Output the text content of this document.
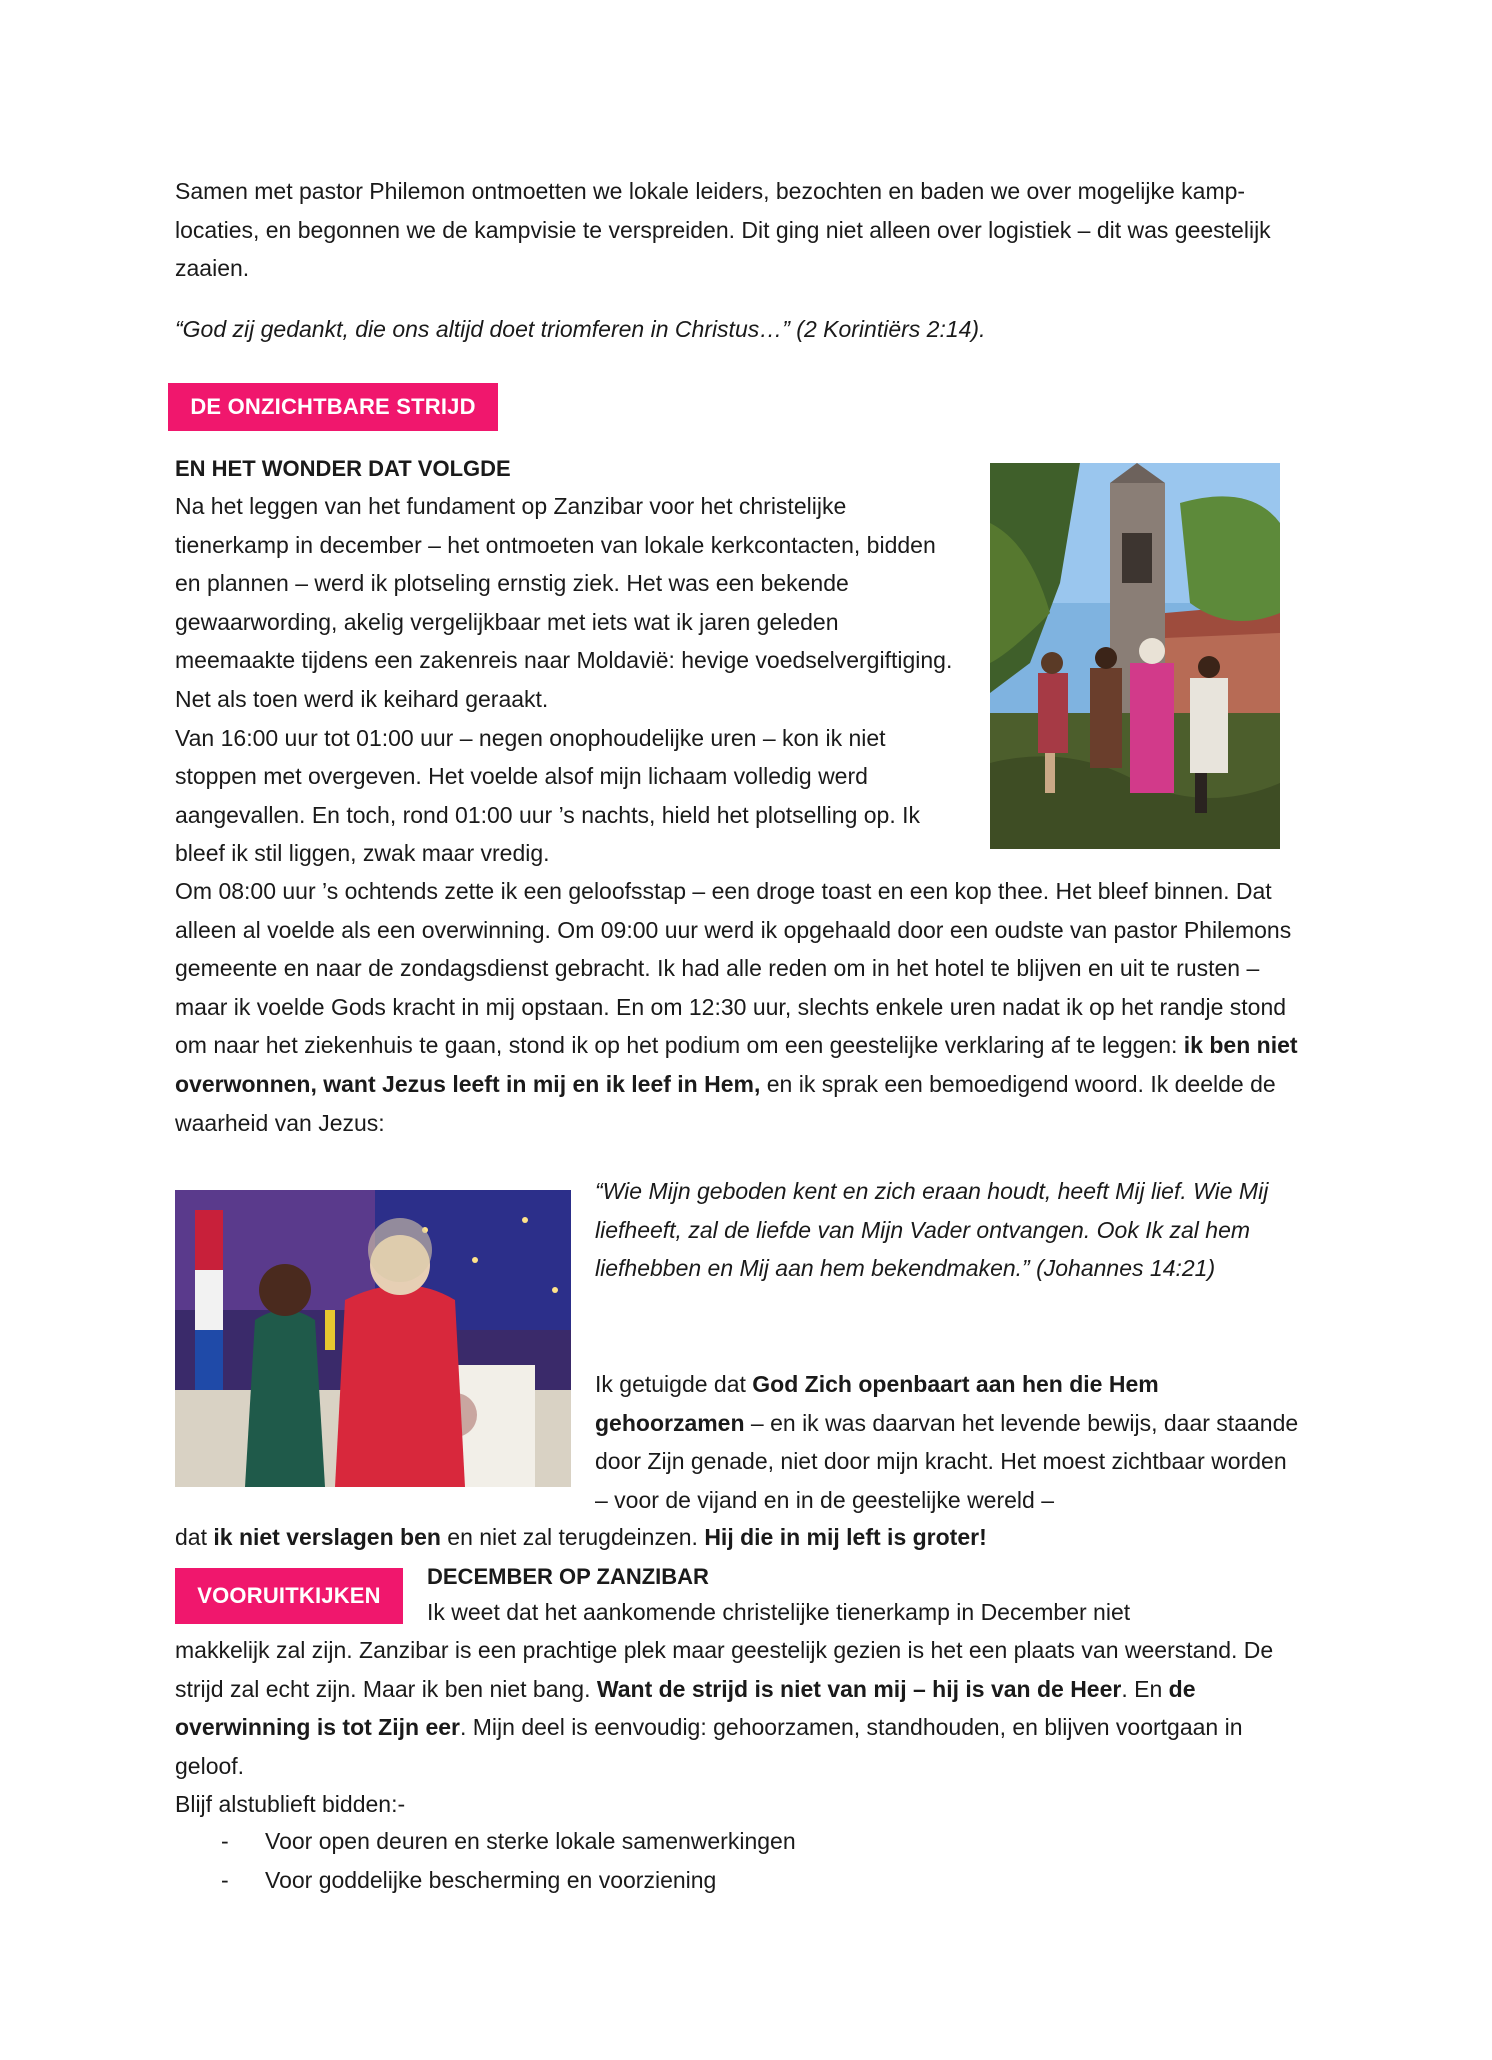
Samen met pastor Philemon ontmoetten we lokale leiders, bezochten en baden we over mogelijke kamp-locaties, en begonnen we de kampvisie te verspreiden. Dit ging niet alleen over logistiek – dit was geestelijk zaaien.

“God zij gedankt, die ons altijd doet triomferen in Christus…” (2 Korintiërs 2:14).

DE ONZICHTBARE STRIJD

EN HET WONDER DAT VOLGDE

Na het leggen van het fundament op Zanzibar voor het christelijke tienerkamp in december – het ontmoeten van lokale kerkcontacten, bidden en plannen – werd ik plotseling ernstig ziek. Het was een bekende gewaarwording, akelig vergelijkbaar met iets wat ik jaren geleden meemaakte tijdens een zakenreis naar Moldavië: hevige voedselvergiftiging. Net als toen werd ik keihard geraakt.
Van 16:00 uur tot 01:00 uur – negen onophoudelijke uren – kon ik niet stoppen met overgeven. Het voelde alsof mijn lichaam volledig werd aangevallen. En toch, rond 01:00 uur ’s nachts, hield het plotselling op. Ik bleef ik stil liggen, zwak maar vredig.

Om 08:00 uur ’s ochtends zette ik een geloofsstap – een droge toast en een kop thee. Het bleef binnen. Dat alleen al voelde als een overwinning. Om 09:00 uur werd ik opgehaald door een oudste van pastor Philemons gemeente en naar de zondagsdienst gebracht. Ik had alle reden om in het hotel te blijven en uit te rusten – maar ik voelde Gods kracht in mij opstaan. En om 12:30 uur, slechts enkele uren nadat ik op het randje stond om naar het ziekenhuis te gaan, stond ik op het podium om een geestelijke verklaring af te leggen: ik ben niet overwonnen, want Jezus leeft in mij en ik leef in Hem, en ik sprak een bemoedigend woord. Ik deelde de waarheid van Jezus:

“Wie Mijn geboden kent en zich eraan houdt, heeft Mij lief. Wie Mij liefheeft, zal de liefde van Mijn Vader ontvangen. Ook Ik zal hem liefhebben en Mij aan hem bekendmaken.” (Johannes 14:21)

Ik getuigde dat God Zich openbaart aan hen die Hem gehoorzamen – en ik was daarvan het levende bewijs, daar staande door Zijn genade, niet door mijn kracht. Het moest zichtbaar worden – voor de vijand en in de geestelijke wereld –

dat ik niet verslagen ben en niet zal terugdeinzen. Hij die in mij left is groter!

VOORUITKIJKEN

DECEMBER OP ZANZIBAR

Ik weet dat het aankomende christelijke tienerkamp in December niet

makkelijk zal zijn. Zanzibar is een prachtige plek maar geestelijk gezien is het een plaats van weerstand. De strijd zal echt zijn. Maar ik ben niet bang. Want de strijd is niet van mij – hij is van de Heer. En de overwinning is tot Zijn eer. Mijn deel is eenvoudig: gehoorzamen, standhouden, en blijven voortgaan in geloof.

Blijf alstublieft bidden:-

- Voor open deuren en sterke lokale samenwerkingen
- Voor goddelijke bescherming en voorziening
